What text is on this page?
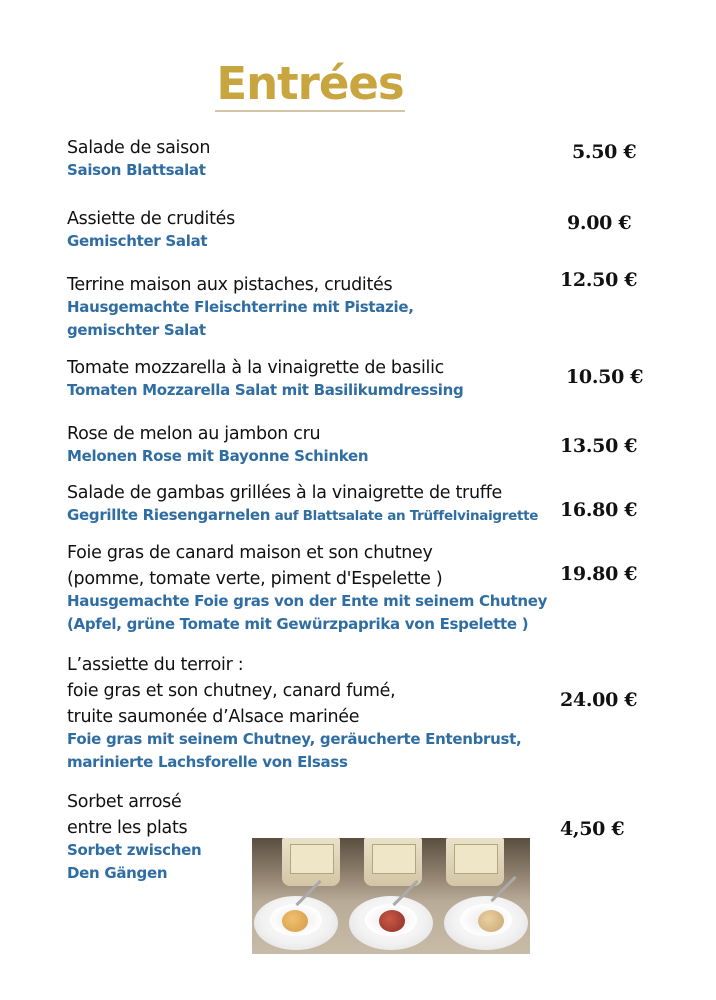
Entrées
Salade de saison
Saison Blattsalat
5.50 €
Assiette de crudités
Gemischter Salat
9.00 €
Terrine maison aux pistaches, crudités
Hausgemachte Fleischterrine mit Pistazie,
gemischter Salat
12.50 €
Tomate mozzarella à la vinaigrette de basilic
Tomaten Mozzarella Salat mit Basilikumdressing
10.50 €
Rose de melon au jambon cru
Melonen Rose mit Bayonne Schinken	13.50 €
Salade de gambas grillées à la vinaigrette de truffe
Gegrillte Riesengarnelen auf Blattsalate an Trüffelvinaigrette 16.80 €
Foie gras de canard maison et son chutney
(pomme, tomate verte, piment d'Espelette )
Hausgemachte Foie gras von der Ente mit seinem Chutney
(Apfel, grüne Tomate mit Gewürzpaprika von Espelette )
19.80 €
L’assiette du terroir :
foie gras et son chutney, canard fumé,
truite saumonée d’Alsace marinée
Foie gras mit seinem Chutney, geräucherte Entenbrust,
marinierte Lachsforelle von Elsass
24.00 €
Sorbet arrosé
entre les plats
Sorbet zwischen
Den Gängen
4,50 €
